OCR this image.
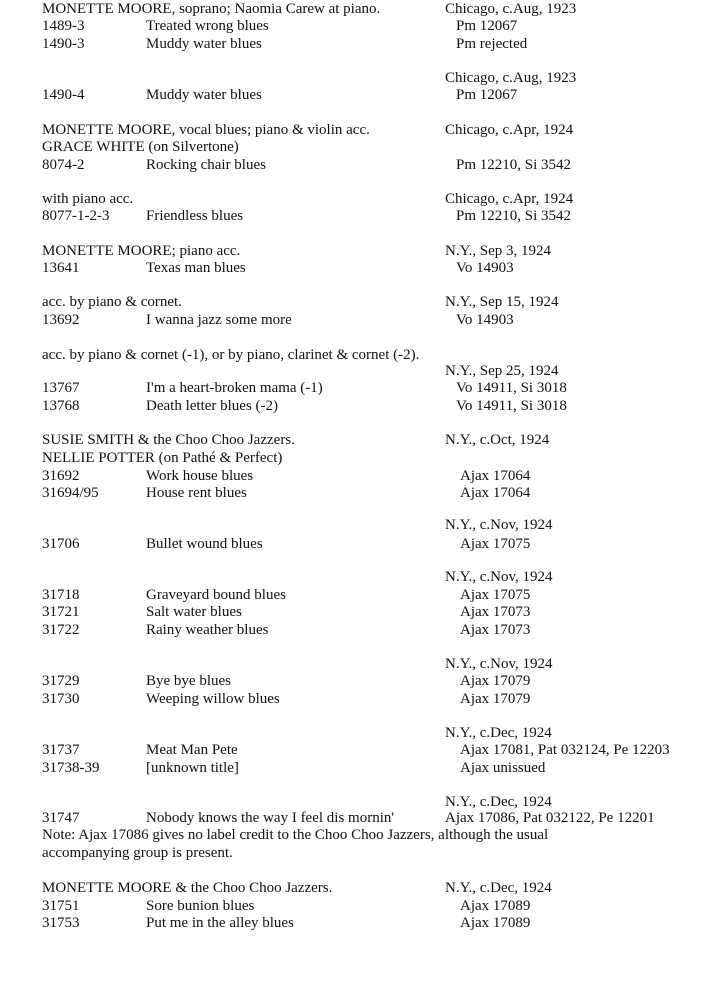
MONETTE MOORE, soprano; Naomia Carew at piano.	Chicago, c.Aug, 1923
1489-3	Treated wrong blues	Pm 12067
1490-3	Muddy water blues	Pm rejected
Chicago, c.Aug, 1923
1490-4	Muddy water blues	Pm 12067
MONETTE MOORE, vocal blues; piano & violin acc.	Chicago, c.Apr, 1924
GRACE WHITE (on Silvertone)
8074-2	Rocking chair blues	Pm 12210, Si 3542
with piano acc.	Chicago, c.Apr, 1924
8077-1-2-3 Friendless blues	Pm 12210, Si 3542
MONETTE MOORE; piano acc.	N.Y., Sep 3, 1924
13641	Texas man blues	Vo 14903
acc. by piano & cornet.	N.Y., Sep 15, 1924
13692	I wanna jazz some more	Vo 14903
acc. by piano & cornet (-1), or by piano, clarinet & cornet (-2).
N.Y., Sep 25, 1924
13767	I'm a heart-broken mama (-1)	Vo 14911, Si 3018
13768	Death letter blues (-2)	Vo 14911, Si 3018
SUSIE SMITH & the Choo Choo Jazzers.	N.Y., c.Oct, 1924
NELLIE POTTER (on Pathé & Perfect)
31692	Work house blues	Ajax 17064
31694/95	House rent blues	Ajax 17064
N.Y., c.Nov, 1924
31706	Bullet wound blues	Ajax 17075
N.Y., c.Nov, 1924
31718	Graveyard bound blues	Ajax 17075
31721	Salt water blues	Ajax 17073
31722	Rainy weather blues	Ajax 17073
N.Y., c.Nov, 1924
31729	Bye bye blues	Ajax 17079
31730	Weeping willow blues	Ajax 17079
N.Y., c.Dec, 1924
31737	Meat Man Pete	Ajax 17081, Pat 032124, Pe 12203
31738-39	[unknown title]	Ajax unissued
N.Y., c.Dec, 1924
31747	Nobody knows the way I feel dis mornin'	Ajax 17086, Pat 032122, Pe 12201
Note: Ajax 17086 gives no label credit to the Choo Choo Jazzers, although the usual
accompanying group is present.
MONETTE MOORE & the Choo Choo Jazzers.	N.Y., c.Dec, 1924
31751	Sore bunion blues	Ajax 17089
31753	Put me in the alley blues	Ajax 17089
